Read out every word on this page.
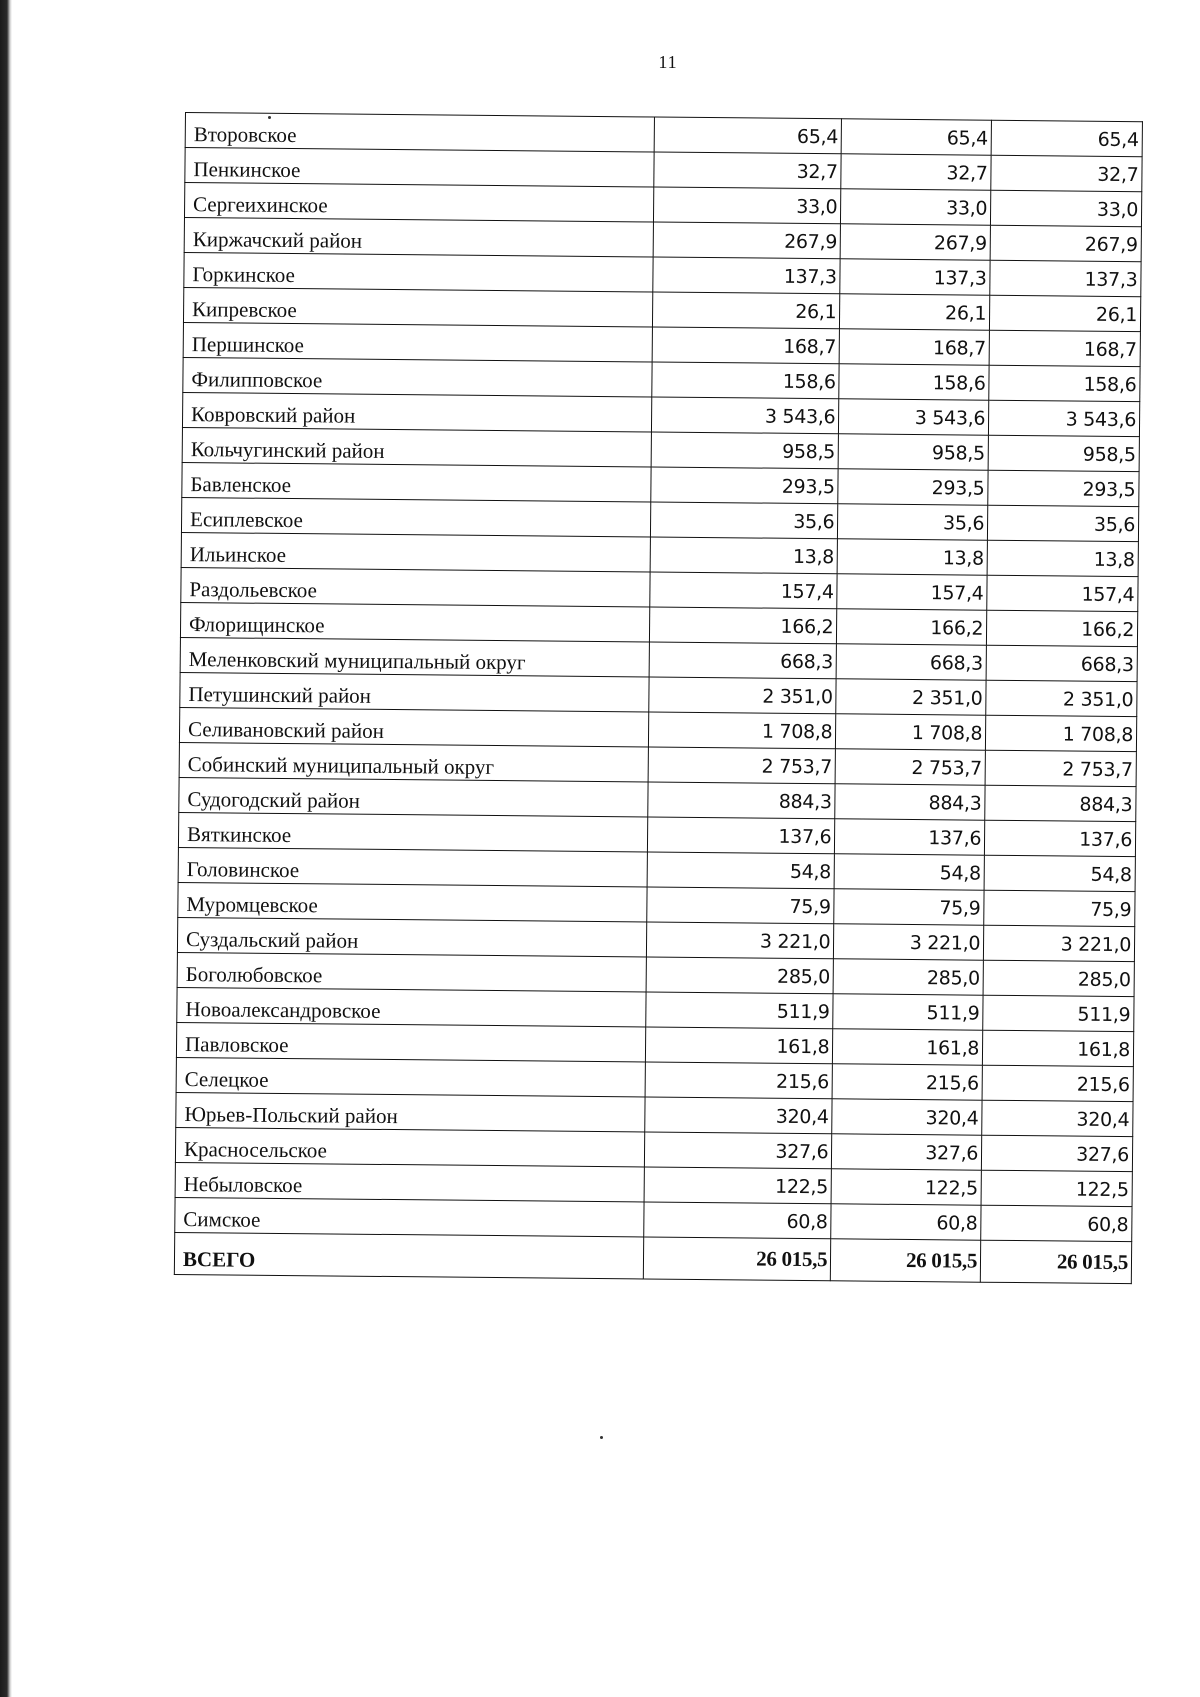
11
Второвское	65,4	65,4	65,4
Пенкинское	32,7	32,7	32,7
Сергеихинское	33,0	33,0	33,0
Киржачский район	267,9	267,9	267,9
Горкинское	137,3	137,3	137,3
Кипревское	26,1	26,1	26,1
Першинское	168,7	168,7	168,7
Филипповское	158,6	158,6	158,6
Ковровский район	3 543,6	3 543,6	3 543,6
Кольчугинский район	958,5	958,5	958,5
Бавленское	293,5	293,5	293,5
Есиплевское	35,6	35,6	35,6
Ильинское	13,8	13,8	13,8
Раздольевское	157,4	157,4	157,4
Флорищинское	166,2	166,2	166,2
Меленковский муниципальный округ	668,3	668,3	668,3
Петушинский район	2 351,0	2 351,0	2 351,0
Селивановский район	1 708,8	1 708,8	1 708,8
Собинский муниципальный округ	2 753,7	2 753,7	2 753,7
Судогодский район	884,3	884,3	884,3
Вяткинское	137,6	137,6	137,6
Головинское	54,8	54,8	54,8
Муромцевское	75,9	75,9	75,9
Суздальский район	3 221,0	3 221,0	3 221,0
Боголюбовское	285,0	285,0	285,0
Новоалександровское	511,9	511,9	511,9
Павловское	161,8	161,8	161,8
Селецкое	215,6	215,6	215,6
Юрьев-Польский район	320,4	320,4	320,4
Красносельское	327,6	327,6	327,6
Небыловское	122,5	122,5	122,5
Симское	60,8	60,8	60,8
ВСЕГО	26 015,5	26 015,5	26 015,5
